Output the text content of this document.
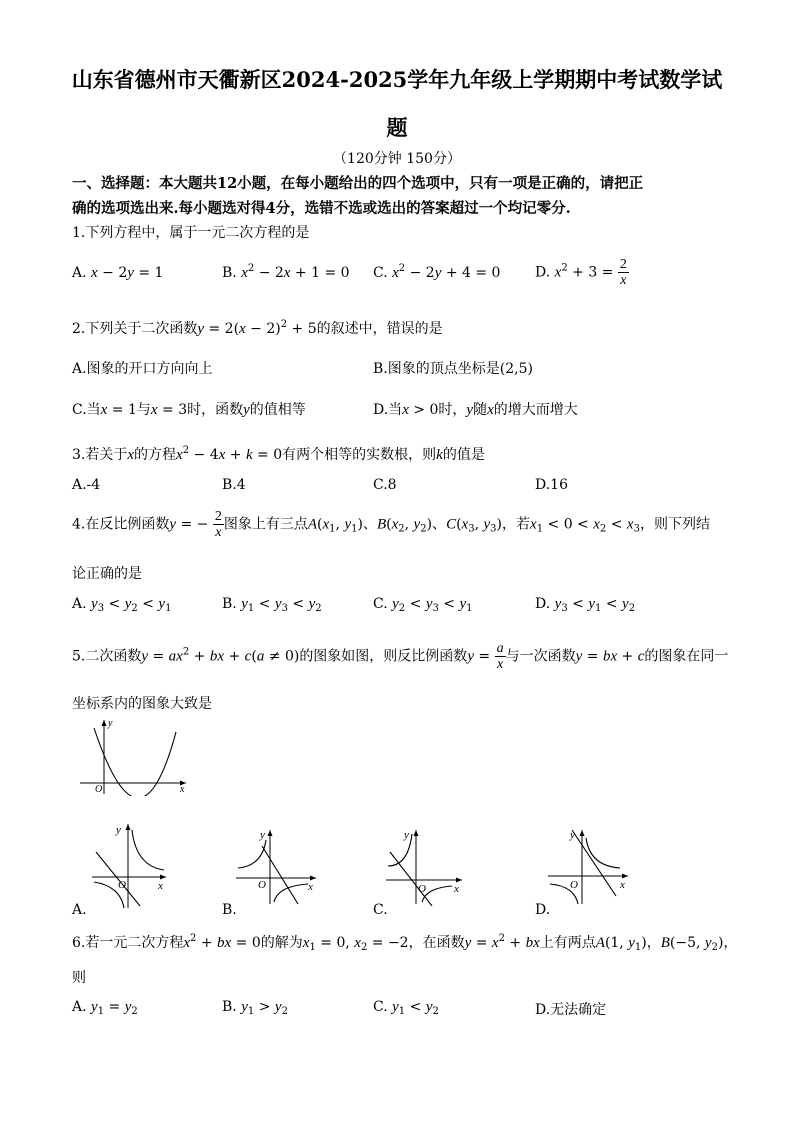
山东省德州市天衢新区2024-2025学年九年级上学期期中考试数学试
题
（120分钟 150分）
一、选择题：本大题共12小题，在每小题给出的四个选项中，只有一项是正确的，请把正
确的选项选出来.每小题选对得4分，选错不选或选出的答案超过一个均记零分.
1.下列方程中，属于一元二次方程的是
A. x − 2y = 1	B. $x^2 - 2x + 1 = 0$ C. $x^2 - 2y + 4 = 0$ D. $x^2 + 3 = \frac{2}{x}$
2.下列关于二次函数$y = 2(x - 2)^2 + 5$的叙述中，错误的是
A.图象的开口方向向上	B.图象的顶点坐标是(2,5)
C.当x = 1与x = 3时，函数y的值相等	D.当x > 0时，y随x的增大而增大
3.若关于x的方程$x^2 - 4x + k = 0$有两个相等的实数根，则k的值是
A.-4	B.4	C.8	D.16
4.在反比例函数y = − $\frac{2}{x}$ 图象上有三点$A(x_1$, $y_1$)、$B(x_2$, $y_2$)、$C(x_3$, $y_3$)，若$x_1 < 0 < x_2 < x_3$，则下列结
论正确的是
A. $y_3 < y_2 < y_1$	B. $y_1 < y_3 < y_2$	C. $y_2 < y_3 < y_1$	D. $y_3 < y_1 < y_2$
5.二次函数$y = ax^2$ + bx + c(a ≠ 0)的图象如图，则反比例函数$y = \frac{a}{x}$ 与一次函数y = bx + c的图象在同一
坐标系内的图象大致是
y
x
O
y
x
O
y
x
O
y
x
O
y
x
O
A.	B.	C.	D.
6.若一元二次方程$x^2$ + bx = 0的解为$x_1 = 0$, $x_2 = -2$，在函数$y = x^2$ + bx上有两点A(1, $y_1$)，B(−5, $y_2$)，
则
A. $y_1 = y_2$	B. $y_1 > y_2$	C. $y_1 < y_2$	D.无法确定
